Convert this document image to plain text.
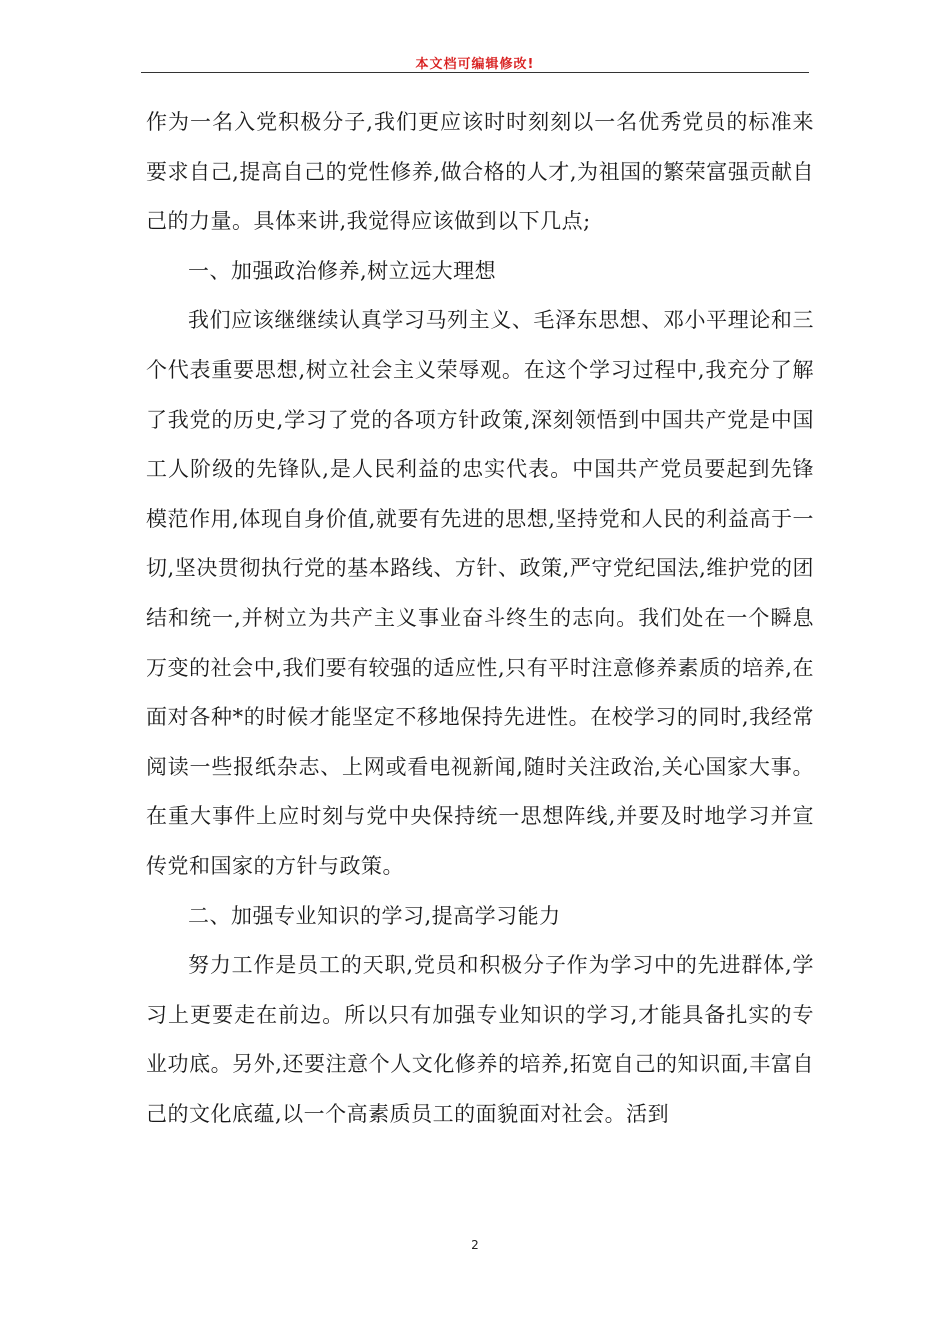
本文档可编辑修改!

作为一名入党积极分子,我们更应该时时刻刻以一名优秀党员的标准来要求自己,提高自己的党性修养,做合格的人才,为祖国的繁荣富强贡献自己的力量。具体来讲,我觉得应该做到以下几点;

一、加强政治修养,树立远大理想

我们应该继继续认真学习马列主义、毛泽东思想、邓小平理论和三个代表重要思想,树立社会主义荣辱观。在这个学习过程中,我充分了解了我党的历史,学习了党的各项方针政策,深刻领悟到中国共产党是中国工人阶级的先锋队,是人民利益的忠实代表。中国共产党员要起到先锋模范作用,体现自身价值,就要有先进的思想,坚持党和人民的利益高于一切,坚决贯彻执行党的基本路线、方针、政策,严守党纪国法,维护党的团结和统一,并树立为共产主义事业奋斗终生的志向。我们处在一个瞬息万变的社会中,我们要有较强的适应性,只有平时注意修养素质的培养,在面对各种*的时候才能坚定不移地保持先进性。在校学习的同时,我经常阅读一些报纸杂志、上网或看电视新闻,随时关注政治,关心国家大事。在重大事件上应时刻与党中央保持统一思想阵线,并要及时地学习并宣传党和国家的方针与政策。

二、加强专业知识的学习,提高学习能力

努力工作是员工的天职,党员和积极分子作为学习中的先进群体,学习上更要走在前边。所以只有加强专业知识的学习,才能具备扎实的专业功底。另外,还要注意个人文化修养的培养,拓宽自己的知识面,丰富自己的文化底蕴,以一个高素质员工的面貌面对社会。活到

2
